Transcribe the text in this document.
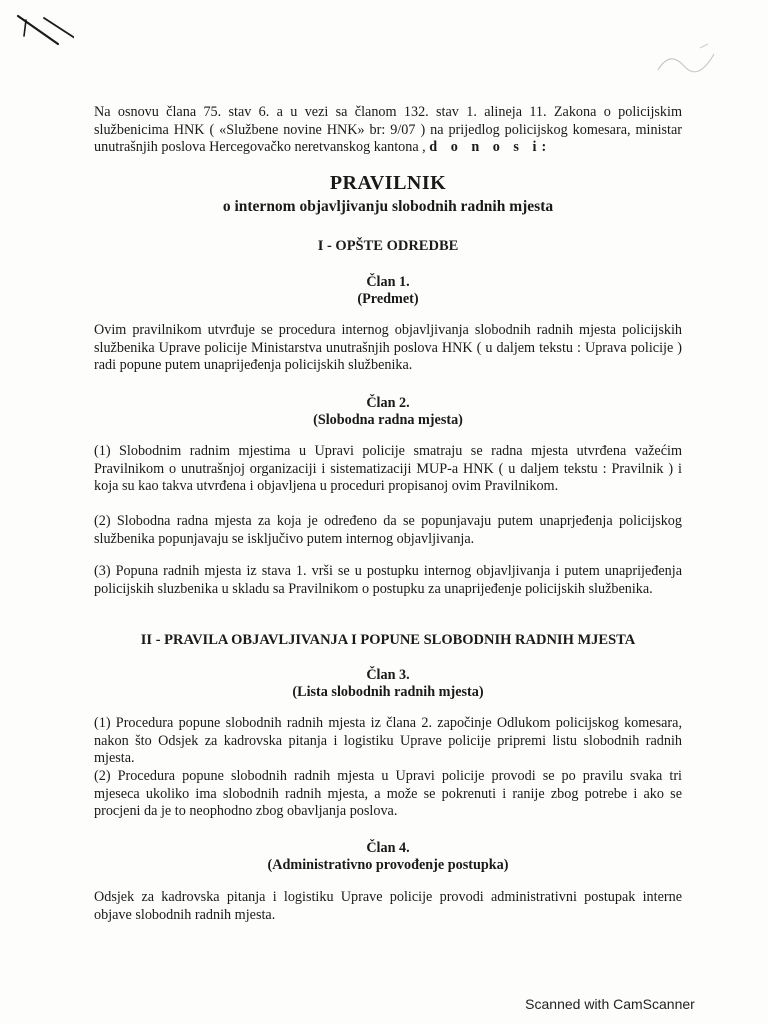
Na osnovu člana 75. stav 6. a u vezi sa članom 132. stav 1. alineja 11. Zakona o policijskim službenicima HNK ( «Službene novine HNK» br: 9/07 ) na prijedlog policijskog komesara, ministar unutrašnjih poslova Hercegovačko neretvanskog kantona , d o n o s i:
PRAVILNIK
o internom objavljivanju slobodnih radnih mjesta
I - OPŠTE ODREDBE
Član 1.
(Predmet)
Ovim pravilnikom utvrđuje se procedura internog objavljivanja slobodnih radnih mjesta policijskih službenika Uprave policije Ministarstva unutrašnjih poslova HNK ( u daljem tekstu : Uprava policije ) radi popune putem unaprijeđenja policijskih službenika.
Član 2.
(Slobodna radna mjesta)
(1) Slobodnim radnim mjestima u Upravi policije smatraju se radna mjesta utvrđena važećim Pravilnikom o unutrašnjoj organizaciji i sistematizaciji MUP-a HNK ( u daljem tekstu : Pravilnik ) i koja su kao takva utvrđena i objavljena u proceduri propisanoj ovim Pravilnikom.
(2) Slobodna radna mjesta za koja je određeno da se popunjavaju putem unaprjeđenja policijskog službenika popunjavaju se isključivo putem internog objavljivanja.
(3) Popuna radnih mjesta iz stava 1. vrši se u postupku internog objavljivanja i putem unaprijeđenja policijskih sluzbenika u skladu sa Pravilnikom o postupku za unaprijeđenje policijskih službenika.
II - PRAVILA OBJAVLJIVANJA I POPUNE SLOBODNIH RADNIH MJESTA
Član 3.
(Lista slobodnih radnih mjesta)
(1) Procedura popune slobodnih radnih mjesta iz člana 2. započinje Odlukom policijskog komesara, nakon što Odsjek za kadrovska pitanja i logistiku Uprave policije pripremi listu slobodnih radnih mjesta.
(2) Procedura popune slobodnih radnih mjesta u Upravi policije provodi se po pravilu svaka tri mjeseca ukoliko ima slobodnih radnih mjesta, a može se pokrenuti i ranije zbog potrebe i ako se procjeni da je to neophodno zbog obavljanja poslova.
Član 4.
(Administrativno provođenje postupka)
Odsjek za kadrovska pitanja i logistiku Uprave policije provodi administrativni postupak interne objave slobodnih radnih mjesta.
Scanned with CamScanner
